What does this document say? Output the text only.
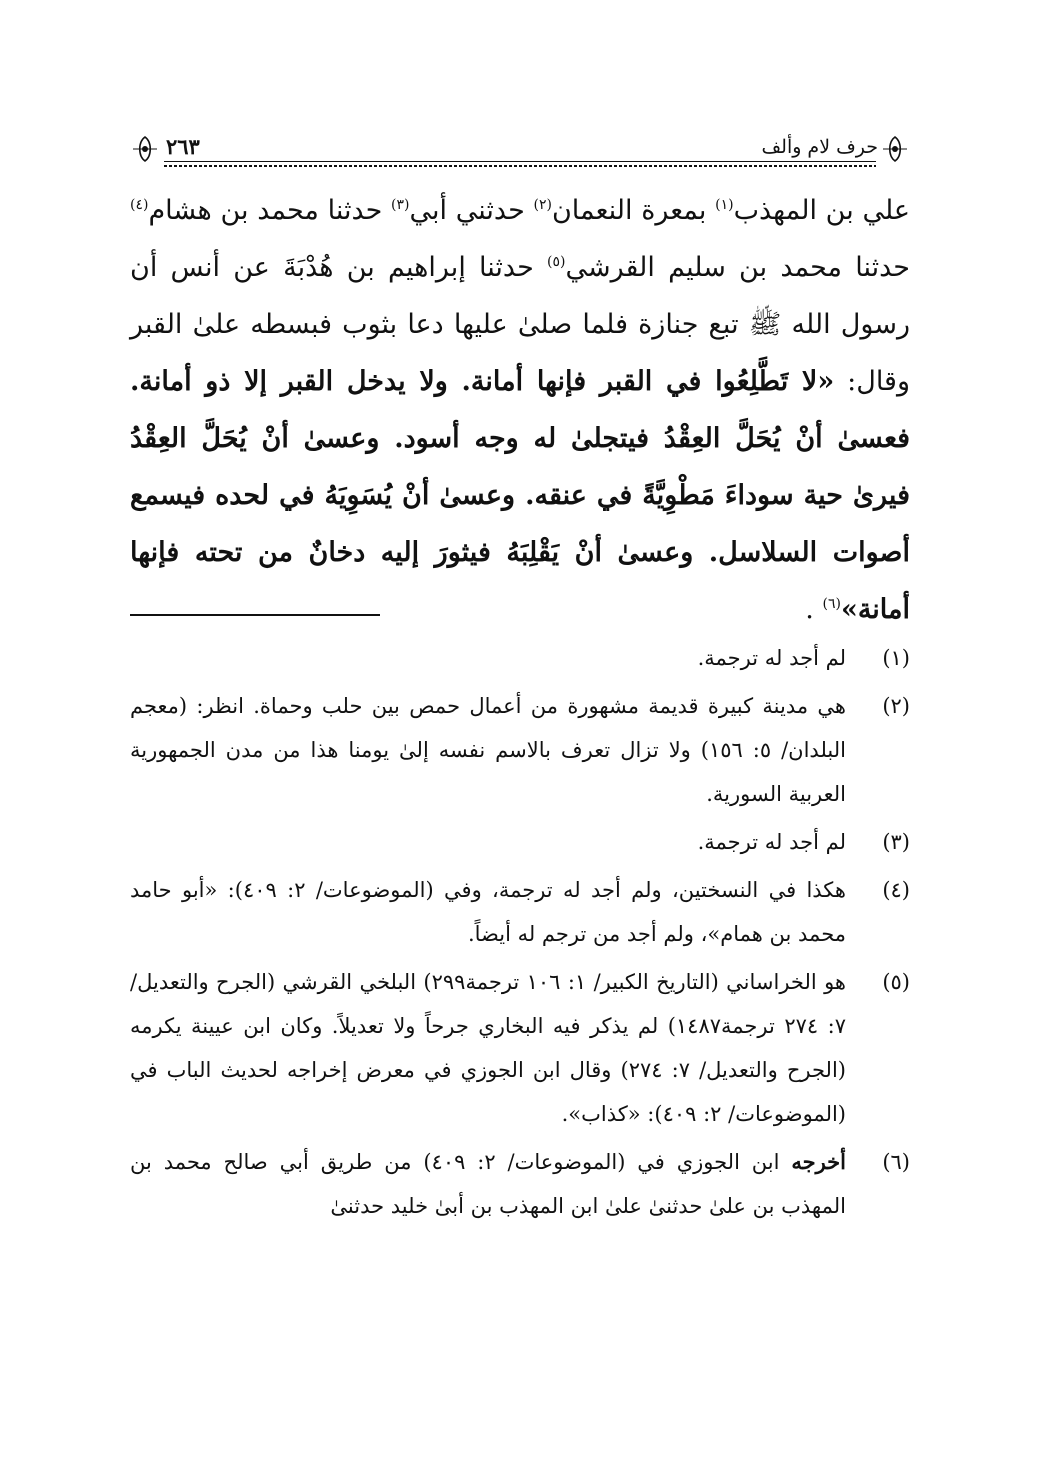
حرف لام وألف
٢٦٣

علي بن المهذب$^{(١)}$ بمعرة النعمان$^{(٢)}$ حدثني أبي$^{(٣)}$ حدثنا محمد بن هشام$^{(٤)}$ حدثنا محمد بن سليم القرشي$^{(٥)}$ حدثنا إبراهيم بن هُدْبَةَ عن أنس أن رسول الله ﷺ تبع جنازة فلما صلىٰ عليها دعا بثوب فبسطه علىٰ القبر وقال: «لا تَطَّلِعُوا في القبر فإنها أمانة. ولا يدخل القبر إلا ذو أمانة. فعسىٰ أنْ يُحَلَّ العِقْدُ فيتجلىٰ له وجه أسود. وعسىٰ أنْ يُحَلَّ العِقْدُ فيرىٰ حية سوداءَ مَطْوِيَّةً في عنقه. وعسىٰ أنْ يُسَوِيَهُ في لحده فيسمع أصوات السلاسل. وعسىٰ أنْ يَقْلِبَهُ فيثورَ إليه دخانٌ من تحته فإنها أمانة»$^{(٦)}$ .

(١)
لم أجد له ترجمة.
(٢)
هي مدينة كبيرة قديمة مشهورة من أعمال حمص بين حلب وحماة. انظر: (معجم البلدان/ ٥: ١٥٦) ولا تزال تعرف بالاسم نفسه إلىٰ يومنا هذا من مدن الجمهورية العربية السورية.
(٣)
لم أجد له ترجمة.
(٤)
هكذا في النسختين، ولم أجد له ترجمة، وفي (الموضوعات/ ٢: ٤٠٩): «أبو حامد محمد بن همام»، ولم أجد من ترجم له أيضاً.
(٥)
هو الخراساني (التاريخ الكبير/ ١: ١٠٦ ترجمة٢٩٩) البلخي القرشي (الجرح والتعديل/ ٧: ٢٧٤ ترجمة١٤٨٧) لم يذكر فيه البخاري جرحاً ولا تعديلاً. وكان ابن عيينة يكرمه (الجرح والتعديل/ ٧: ٢٧٤) وقال ابن الجوزي في معرض إخراجه لحديث الباب في (الموضوعات/ ٢: ٤٠٩): «كذاب».
(٦)
أخرجه ابن الجوزي في (الموضوعات/ ٢: ٤٠٩) من طريق أبي صالح محمد بن المهذب بن علىٰ حدثنىٰ علىٰ ابن المهذب بن أبىٰ خليد حدثنىٰ
